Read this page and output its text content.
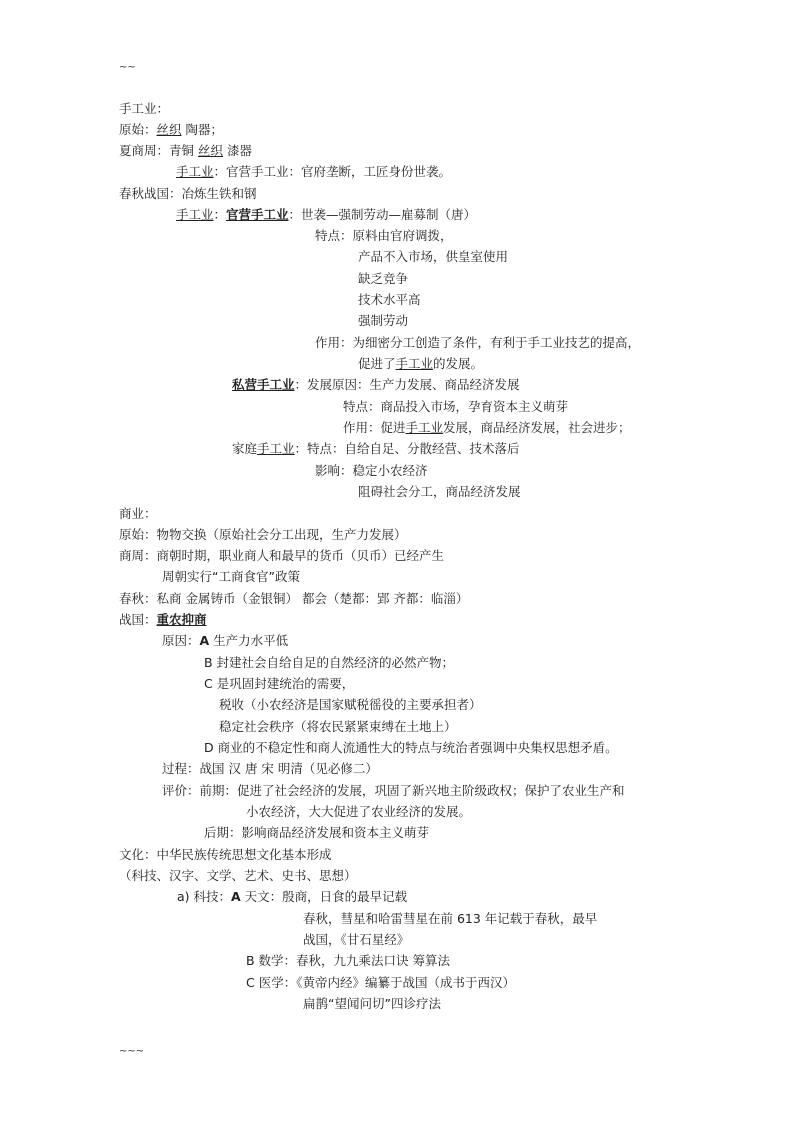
~~
手工业：
原始：丝织 陶器；
夏商周：青铜 丝织 漆器
手工业：官营手工业：官府垄断，工匠身份世袭。
春秋战国：冶炼生铁和钢
手工业：官营手工业：世袭—强制劳动—雇募制（唐）
特点：原料由官府调拨，
产品不入市场，供皇室使用
缺乏竞争
技术水平高
强制劳动
作用：为细密分工创造了条件，有利于手工业技艺的提高，
促进了手工业的发展。
私营手工业：发展原因：生产力发展、商品经济发展
特点：商品投入市场，孕育资本主义萌芽
作用：促进手工业发展，商品经济发展，社会进步；
家庭手工业：特点：自给自足、分散经营、技术落后
影响：稳定小农经济
阻碍社会分工，商品经济发展
商业：
原始：物物交换（原始社会分工出现，生产力发展）
商周：商朝时期，职业商人和最早的货币（贝币）已经产生
周朝实行“工商食官”政策
春秋：私商 金属铸币（金银铜） 都会（楚都：郢 齐都：临淄）
战国：重农抑商
原因：A 生产力水平低
B 封建社会自给自足的自然经济的必然产物；
C 是巩固封建统治的需要，
税收（小农经济是国家赋税徭役的主要承担者）
稳定社会秩序（将农民紧紧束缚在土地上）
D 商业的不稳定性和商人流通性大的特点与统治者强调中央集权思想矛盾。
过程：战国 汉 唐 宋 明清（见必修二）
评价：前期：促进了社会经济的发展，巩固了新兴地主阶级政权；保护了农业生产和
小农经济，大大促进了农业经济的发展。
后期：影响商品经济发展和资本主义萌芽
文化：中华民族传统思想文化基本形成
（科技、汉字、文学、艺术、史书、思想）
a) 科技：A 天文：殷商，日食的最早记载
春秋，彗星和哈雷彗星在前 613 年记载于春秋，最早
战国，《甘石星经》
B 数学：春秋，九九乘法口诀 筹算法
C 医学：《黄帝内经》编纂于战国（成书于西汉）
扁鹊“望闻问切”四诊疗法
~~~
